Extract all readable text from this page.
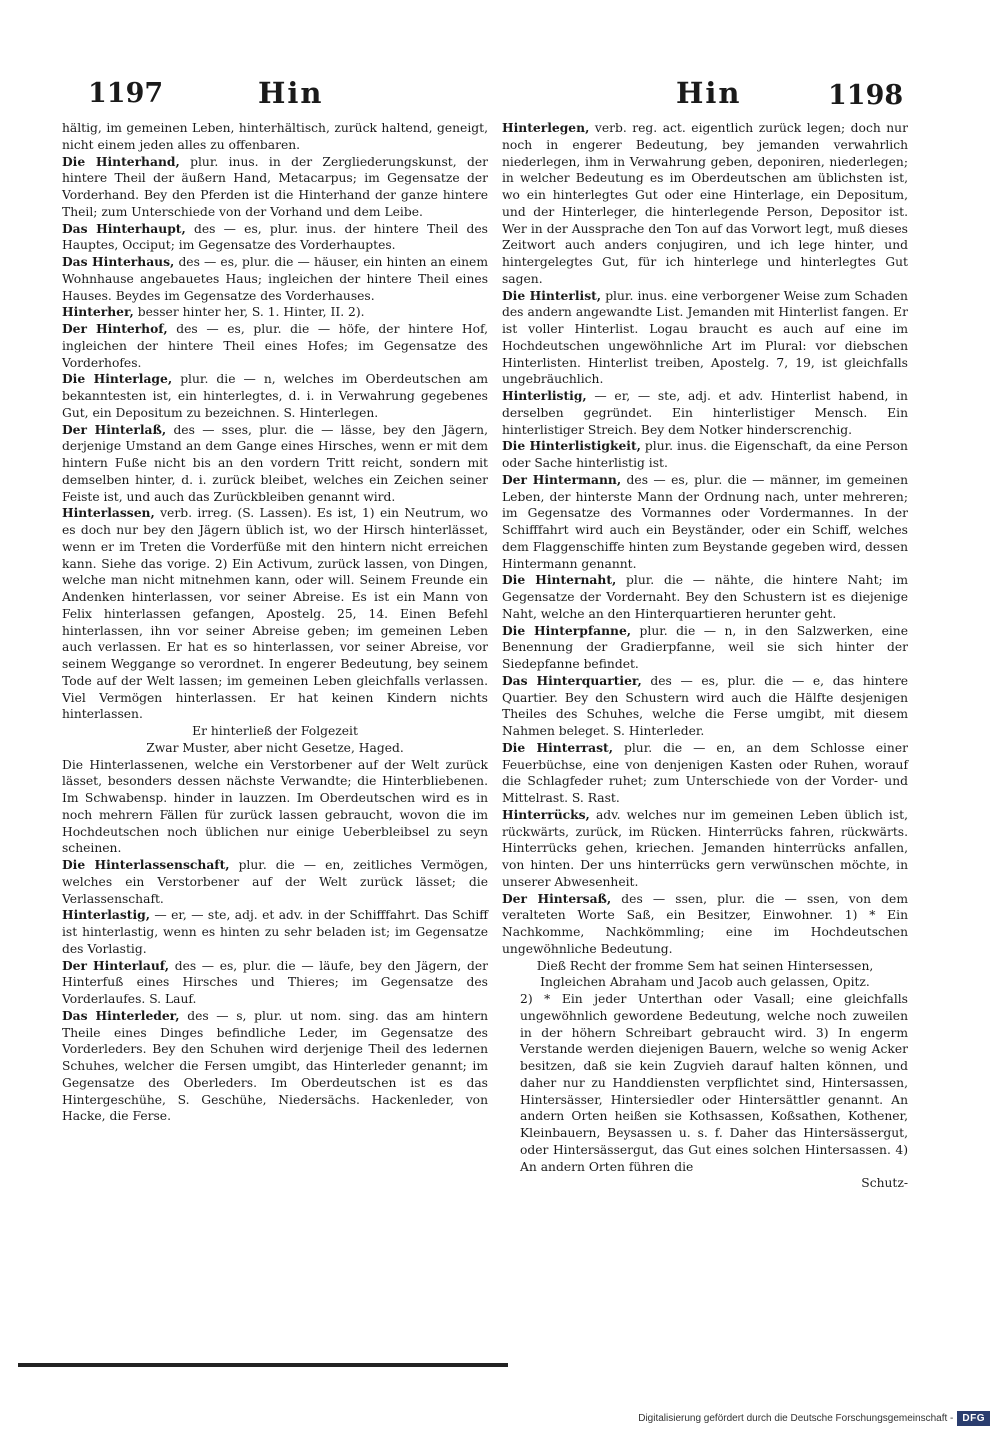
1197	Hin	Hin	1198

hältig, im gemeinen Leben, hinterhältisch, zurück haltend, geneigt, nicht einem jeden alles zu offenbaren.

Die Hinterhand, plur. inus. in der Zergliederungskunst, der hintere Theil der äußern Hand, Metacarpus; im Gegensatze der Vorderhand. Bey den Pferden ist die Hinterhand der ganze hintere Theil; zum Unterschiede von der Vorhand und dem Leibe.

Das Hinterhaupt, des — es, plur. inus. der hintere Theil des Hauptes, Occiput; im Gegensatze des Vorderhauptes.

Das Hinterhaus, des — es, plur. die — häuser, ein hinten an einem Wohnhause angebauetes Haus; ingleichen der hintere Theil eines Hauses. Beydes im Gegensatze des Vorderhauses.

Hinterher, besser hinter her, S. 1. Hinter, II. 2).

Der Hinterhof, des — es, plur. die — höfe, der hintere Hof, ingleichen der hintere Theil eines Hofes; im Gegensatze des Vorderhofes.

Die Hinterlage, plur. die — n, welches im Oberdeutschen am bekanntesten ist, ein hinterlegtes, d. i. in Verwahrung gegebenes Gut, ein Depositum zu bezeichnen. S. Hinterlegen.

Der Hinterlaß, des — sses, plur. die — lässe, bey den Jägern, derjenige Umstand an dem Gange eines Hirsches, wenn er mit dem hintern Fuße nicht bis an den vordern Tritt reicht, sondern mit demselben hinter, d. i. zurück bleibet, welches ein Zeichen seiner Feiste ist, und auch das Zurückbleiben genannt wird.

Hinterlassen, verb. irreg. (S. Lassen). Es ist, 1) ein Neutrum, wo es doch nur bey den Jägern üblich ist, wo der Hirsch hinterlässet, wenn er im Treten die Vorderfüße mit den hintern nicht erreichen kann. Siehe das vorige. 2) Ein Activum, zurück lassen, von Dingen, welche man nicht mitnehmen kann, oder will. Seinem Freunde ein Andenken hinterlassen, vor seiner Abreise. Es ist ein Mann von Felix hinterlassen gefangen, Apostelg. 25, 14. Einen Befehl hinterlassen, ihn vor seiner Abreise geben; im gemeinen Leben auch verlassen. Er hat es so hinterlassen, vor seiner Abreise, vor seinem Weggange so verordnet. In engerer Bedeutung, bey seinem Tode auf der Welt lassen; im gemeinen Leben gleichfalls verlassen. Viel Vermögen hinterlassen. Er hat keinen Kindern nichts hinterlassen.

Er hinterließ der Folgezeit

Zwar Muster, aber nicht Gesetze, Haged.

Die Hinterlassenen, welche ein Verstorbener auf der Welt zurück lässet, besonders dessen nächste Verwandte; die Hinterbliebenen. Im Schwabensp. hinder in lauzzen. Im Oberdeutschen wird es in noch mehrern Fällen für zurück lassen gebraucht, wovon die im Hochdeutschen noch üblichen nur einige Ueberbleibsel zu seyn scheinen.

Die Hinterlassenschaft, plur. die — en, zeitliches Vermögen, welches ein Verstorbener auf der Welt zurück lässet; die Verlassenschaft.

Hinterlastig, — er, — ste, adj. et adv. in der Schifffahrt. Das Schiff ist hinterlastig, wenn es hinten zu sehr beladen ist; im Gegensatze des Vorlastig.

Der Hinterlauf, des — es, plur. die — läufe, bey den Jägern, der Hinterfuß eines Hirsches und Thieres; im Gegensatze des Vorderlaufes. S. Lauf.

Das Hinterleder, des — s, plur. ut nom. sing. das am hintern Theile eines Dinges befindliche Leder, im Gegensatze des Vorderleders. Bey den Schuhen wird derjenige Theil des ledernen Schuhes, welcher die Fersen umgibt, das Hinterleder genannt; im Gegensatze des Oberleders. Im Oberdeutschen ist es das Hintergeschühe, S. Geschühe, Niedersächs. Hackenleder, von Hacke, die Ferse.

Hinterlegen, verb. reg. act. eigentlich zurück legen; doch nur noch in engerer Bedeutung, bey jemanden verwahrlich niederlegen, ihm in Verwahrung geben, deponiren, niederlegen; in welcher Bedeutung es im Oberdeutschen am üblichsten ist, wo ein hinterlegtes Gut oder eine Hinterlage, ein Depositum, und der Hinterleger, die hinterlegende Person, Depositor ist. Wer in der Aussprache den Ton auf das Vorwort legt, muß dieses Zeitwort auch anders conjugiren, und ich lege hinter, und hintergelegtes Gut, für ich hinterlege und hinterlegtes Gut sagen.

Die Hinterlist, plur. inus. eine verborgener Weise zum Schaden des andern angewandte List. Jemanden mit Hinterlist fangen. Er ist voller Hinterlist. Logau braucht es auch auf eine im Hochdeutschen ungewöhnliche Art im Plural: vor diebschen Hinterlisten. Hinterlist treiben, Apostelg. 7, 19, ist gleichfalls ungebräuchlich.

Hinterlistig, — er, — ste, adj. et adv. Hinterlist habend, in derselben gegründet. Ein hinterlistiger Mensch. Ein hinterlistiger Streich. Bey dem Notker hinderscrenchig.

Die Hinterlistigkeit, plur. inus. die Eigenschaft, da eine Person oder Sache hinterlistig ist.

Der Hintermann, des — es, plur. die — männer, im gemeinen Leben, der hinterste Mann der Ordnung nach, unter mehreren; im Gegensatze des Vormannes oder Vordermannes. In der Schifffahrt wird auch ein Beyständer, oder ein Schiff, welches dem Flaggenschiffe hinten zum Beystande gegeben wird, dessen Hintermann genannt.

Die Hinternaht, plur. die — nähte, die hintere Naht; im Gegensatze der Vordernaht. Bey den Schustern ist es diejenige Naht, welche an den Hinterquartieren herunter geht.

Die Hinterpfanne, plur. die — n, in den Salzwerken, eine Benennung der Gradierpfanne, weil sie sich hinter der Siedepfanne befindet.

Das Hinterquartier, des — es, plur. die — e, das hintere Quartier. Bey den Schustern wird auch die Hälfte desjenigen Theiles des Schuhes, welche die Ferse umgibt, mit diesem Nahmen beleget. S. Hinterleder.

Die Hinterrast, plur. die — en, an dem Schlosse einer Feuerbüchse, eine von denjenigen Kasten oder Ruhen, worauf die Schlagfeder ruhet; zum Unterschiede von der Vorder- und Mittelrast. S. Rast.

Hinterrücks, adv. welches nur im gemeinen Leben üblich ist, rückwärts, zurück, im Rücken. Hinterrücks fahren, rückwärts. Hinterrücks gehen, kriechen. Jemanden hinterrücks anfallen, von hinten. Der uns hinterrücks gern verwünschen möchte, in unserer Abwesenheit.

Der Hintersaß, des — ssen, plur. die — ssen, von dem veralteten Worte Saß, ein Besitzer, Einwohner. 1) * Ein Nachkomme, Nachkömmling; eine im Hochdeutschen ungewöhnliche Bedeutung.

Dieß Recht der fromme Sem hat seinen Hintersessen,

Ingleichen Abraham und Jacob auch gelassen, Opitz.

2) * Ein jeder Unterthan oder Vasall; eine gleichfalls ungewöhnlich gewordene Bedeutung, welche noch zuweilen in der höhern Schreibart gebraucht wird. 3) In engerm Verstande werden diejenigen Bauern, welche so wenig Acker besitzen, daß sie kein Zugvieh darauf halten können, und daher nur zu Handdiensten verpflichtet sind, Hintersassen, Hintersässer, Hintersiedler oder Hintersättler genannt. An andern Orten heißen sie Kothsassen, Koßsathen, Kothener, Kleinbauern, Beysassen u. s. f. Daher das Hintersässergut, oder Hintersässergut, das Gut eines solchen Hintersassen. 4) An andern Orten führen die

Schutz-

Digitalisierung gefördert durch die Deutsche Forschungsgemeinschaft - DFG
